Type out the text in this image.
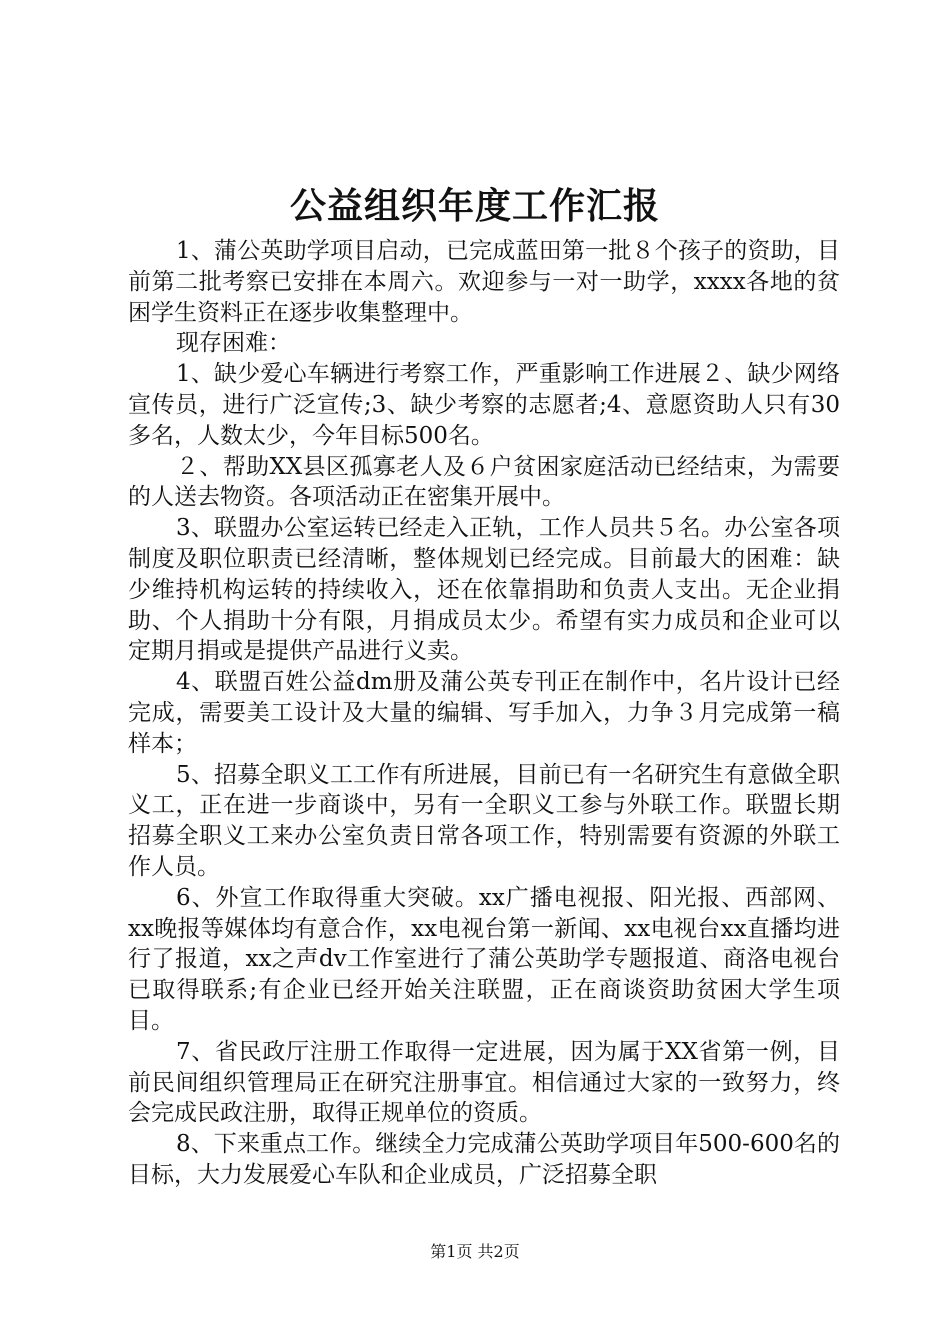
公益组织年度工作汇报

1、蒲公英助学项目启动，已完成蓝田第一批８个孩子的资助，目前第二批考察已安排在本周六。欢迎参与一对一助学，xxxx各地的贫困学生资料正在逐步收集整理中。

现存困难：

1、缺少爱心车辆进行考察工作，严重影响工作进展２、缺少网络宣传员，进行广泛宣传;3、缺少考察的志愿者;4、意愿资助人只有30多名，人数太少，今年目标500名。

２、帮助XX县区孤寡老人及６户贫困家庭活动已经结束，为需要的人送去物资。各项活动正在密集开展中。

3、联盟办公室运转已经走入正轨，工作人员共５名。办公室各项制度及职位职责已经清晰，整体规划已经完成。目前最大的困难：缺少维持机构运转的持续收入，还在依靠捐助和负责人支出。无企业捐助、个人捐助十分有限，月捐成员太少。希望有实力成员和企业可以定期月捐或是提供产品进行义卖。

4、联盟百姓公益dm册及蒲公英专刊正在制作中，名片设计已经完成，需要美工设计及大量的编辑、写手加入，力争３月完成第一稿样本；

5、招募全职义工工作有所进展，目前已有一名研究生有意做全职义工，正在进一步商谈中，另有一全职义工参与外联工作。联盟长期招募全职义工来办公室负责日常各项工作，特别需要有资源的外联工作人员。

6、外宣工作取得重大突破。xx广播电视报、阳光报、西部网、xx晚报等媒体均有意合作，xx电视台第一新闻、xx电视台xx直播均进行了报道，xx之声dv工作室进行了蒲公英助学专题报道、商洛电视台已取得联系;有企业已经开始关注联盟，正在商谈资助贫困大学生项目。

7、省民政厅注册工作取得一定进展，因为属于XX省第一例，目前民间组织管理局正在研究注册事宜。相信通过大家的一致努力，终会完成民政注册，取得正规单位的资质。

8、下来重点工作。继续全力完成蒲公英助学项目年500-600名的目标，大力发展爱心车队和企业成员，广泛招募全职

第1页 共2页
